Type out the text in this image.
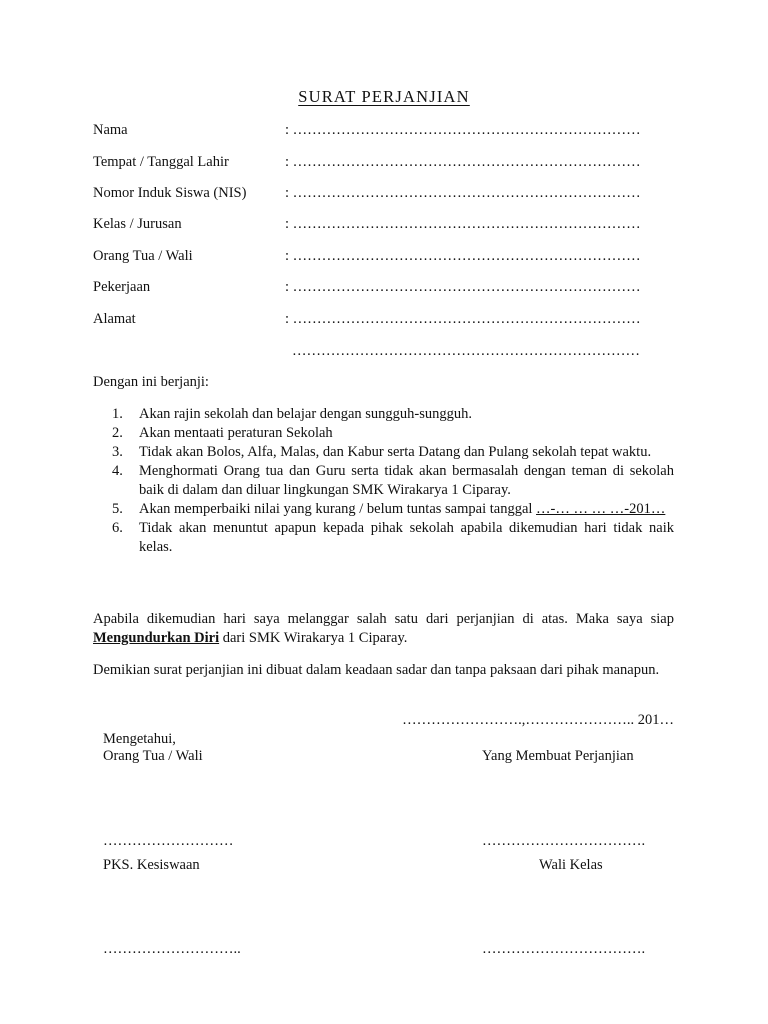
SURAT PERJANJIAN
Nama	: ………………………………………………………………
Tempat / Tanggal Lahir	: ………………………………………………………………
Nomor Induk Siswa (NIS)	: ………………………………………………………………
Kelas / Jurusan	: ………………………………………………………………
Orang Tua / Wali	: ………………………………………………………………
Pekerjaan	: ………………………………………………………………
Alamat	: ………………………………………………………………
………………………………………………………………
Dengan ini berjanji:
1. Akan rajin sekolah dan belajar dengan sungguh-sungguh.
2. Akan mentaati peraturan Sekolah
3. Tidak akan Bolos, Alfa, Malas, dan Kabur serta Datang dan Pulang sekolah tepat waktu.
4. Menghormati Orang tua dan Guru serta tidak akan bermasalah dengan teman di sekolah baik di dalam dan diluar lingkungan SMK Wirakarya 1 Ciparay.
5. Akan memperbaiki nilai yang kurang / belum tuntas sampai tanggal …-… … … …-201…
6. Tidak akan menuntut apapun kepada pihak sekolah apabila dikemudian hari tidak naik kelas.
Apabila dikemudian hari saya melanggar salah satu dari perjanjian di atas. Maka saya siap Mengundurkan Diri dari SMK Wirakarya 1 Ciparay.
Demikian surat perjanjian ini dibuat dalam keadaan sadar dan tanpa paksaan dari pihak manapun.
…………………….,………………….. 201…
Mengetahui,
Orang Tua / Wali	Yang Membuat Perjanjian
………………………	…………………………….
PKS. Kesiswaan	Wali Kelas
………………………..	…………………………….
